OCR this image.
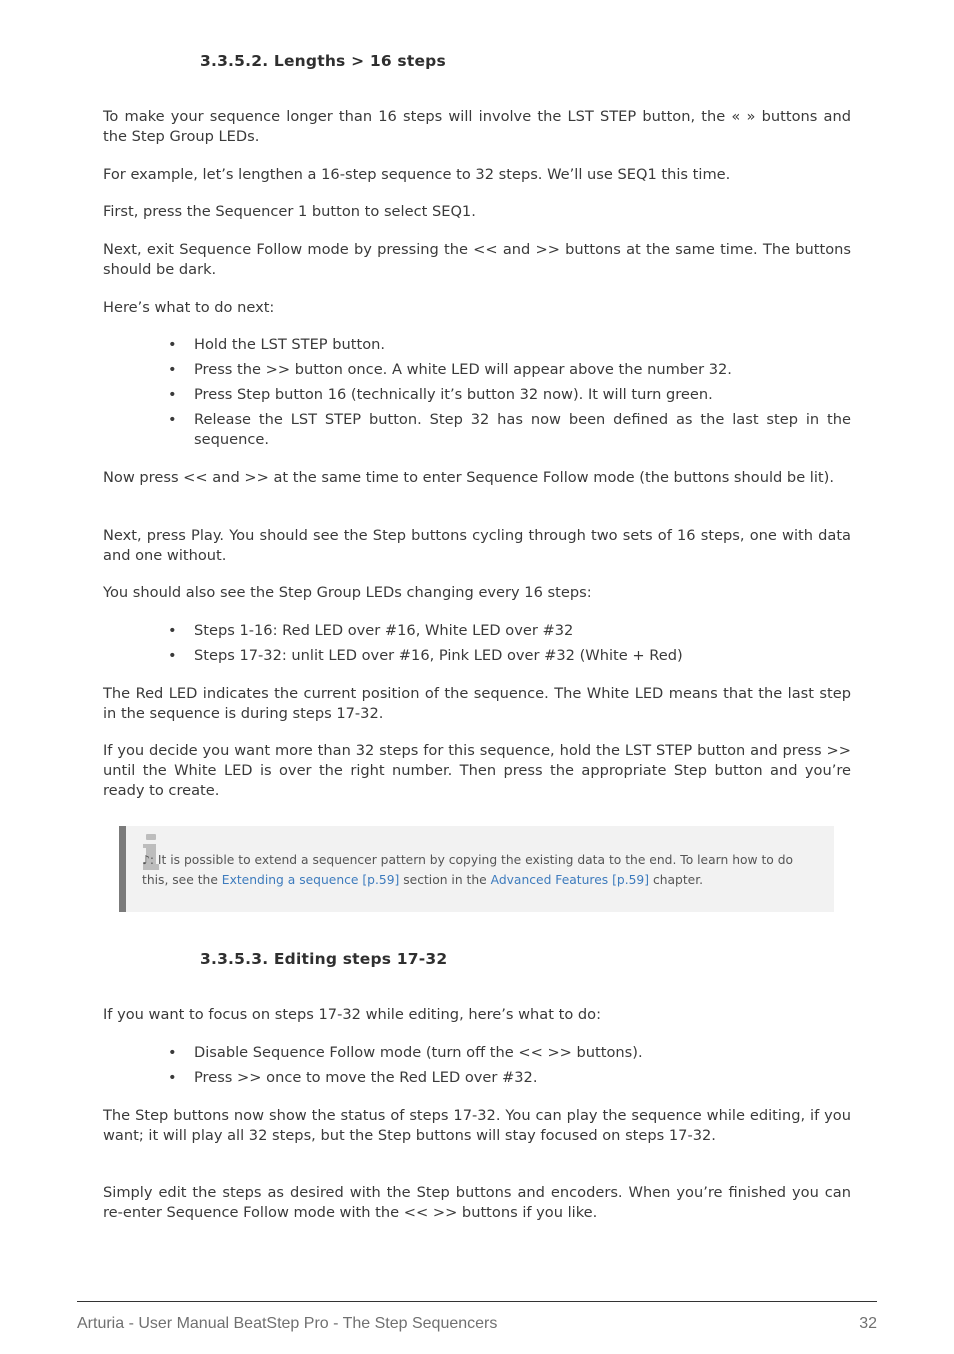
3.3.5.2. Lengths > 16 steps

To make your sequence longer than 16 steps will involve the LST STEP button, the « » buttons and the Step Group LEDs.

For example, let’s lengthen a 16-step sequence to 32 steps. We’ll use SEQ1 this time.

First, press the Sequencer 1 button to select SEQ1.

Next, exit Sequence Follow mode by pressing the << and >> buttons at the same time. The buttons should be dark.

Here’s what to do next:

• Hold the LST STEP button.
• Press the >> button once. A white LED will appear above the number 32.
• Press Step button 16 (technically it’s button 32 now). It will turn green.
• Release the LST STEP button. Step 32 has now been defined as the last step in the sequence.

Now press << and >> at the same time to enter Sequence Follow mode (the buttons should be lit).

Next, press Play. You should see the Step buttons cycling through two sets of 16 steps, one with data and one without.

You should also see the Step Group LEDs changing every 16 steps:

• Steps 1-16: Red LED over #16, White LED over #32
• Steps 17-32: unlit LED over #16, Pink LED over #32 (White + Red)

The Red LED indicates the current position of the sequence. The White LED means that the last step in the sequence is during steps 17-32.

If you decide you want more than 32 steps for this sequence, hold the LST STEP button and press >> until the White LED is over the right number. Then press the appropriate Step button and you’re ready to create.

♪: It is possible to extend a sequencer pattern by copying the existing data to the end. To learn how to do this, see the Extending a sequence [p.59] section in the Advanced Features [p.59] chapter.
3.3.5.3. Editing steps 17-32

If you want to focus on steps 17-32 while editing, here’s what to do:

• Disable Sequence Follow mode (turn off the << >> buttons).
• Press >> once to move the Red LED over #32.

The Step buttons now show the status of steps 17-32. You can play the sequence while editing, if you want; it will play all 32 steps, but the Step buttons will stay focused on steps 17-32.

Simply edit the steps as desired with the Step buttons and encoders. When you’re finished you can re-enter Sequence Follow mode with the << >> buttons if you like.

Arturia - User Manual BeatStep Pro - The Step Sequencers	32
